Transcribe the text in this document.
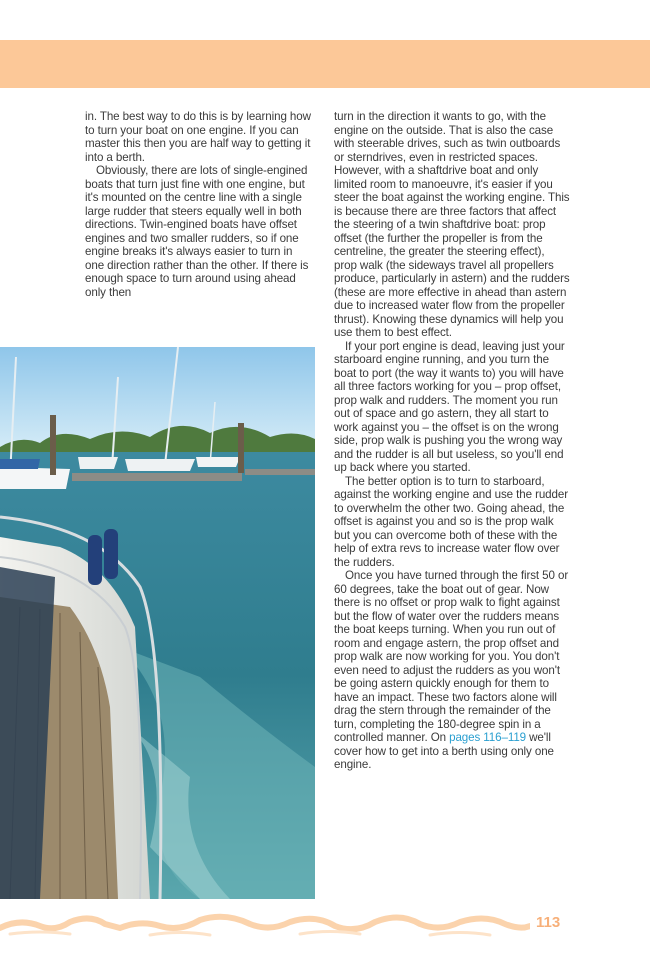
in. The best way to do this is by learning how to turn your boat on one engine. If you can master this then you are half way to getting it into a berth.

Obviously, there are lots of single-engined boats that turn just fine with one engine, but it's mounted on the centre line with a single large rudder that steers equally well in both directions. Twin-engined boats have offset engines and two smaller rudders, so if one engine breaks it's always easier to turn in one direction rather than the other. If there is enough space to turn around using ahead only then

turn in the direction it wants to go, with the engine on the outside. That is also the case with steerable drives, such as twin outboards or sterndrives, even in restricted spaces. However, with a shaftdrive boat and only limited room to manoeuvre, it's easier if you steer the boat against the working engine. This is because there are three factors that affect the steering of a twin shaftdrive boat: prop offset (the further the propeller is from the centreline, the greater the steering effect), prop walk (the sideways travel all propellers produce, particularly in astern) and the rudders (these are more effective in ahead than astern due to increased water flow from the propeller thrust). Knowing these dynamics will help you use them to best effect.

If your port engine is dead, leaving just your starboard engine running, and you turn the boat to port (the way it wants to) you will have all three factors working for you – prop offset, prop walk and rudders. The moment you run out of space and go astern, they all start to work against you – the offset is on the wrong side, prop walk is pushing you the wrong way and the rudder is all but useless, so you'll end up back where you started.

The better option is to turn to starboard, against the working engine and use the rudder to overwhelm the other two. Going ahead, the offset is against you and so is the prop walk but you can overcome both of these with the help of extra revs to increase water flow over the rudders.

Once you have turned through the first 50 or 60 degrees, take the boat out of gear. Now there is no offset or prop walk to fight against but the flow of water over the rudders means the boat keeps turning. When you run out of room and engage astern, the prop offset and prop walk are now working for you. You don't even need to adjust the rudders as you won't be going astern quickly enough for them to have an impact. These two factors alone will drag the stern through the remainder of the turn, completing the 180-degree spin in a controlled manner. On pages 116–119 we'll cover how to get into a berth using only one engine.

113
